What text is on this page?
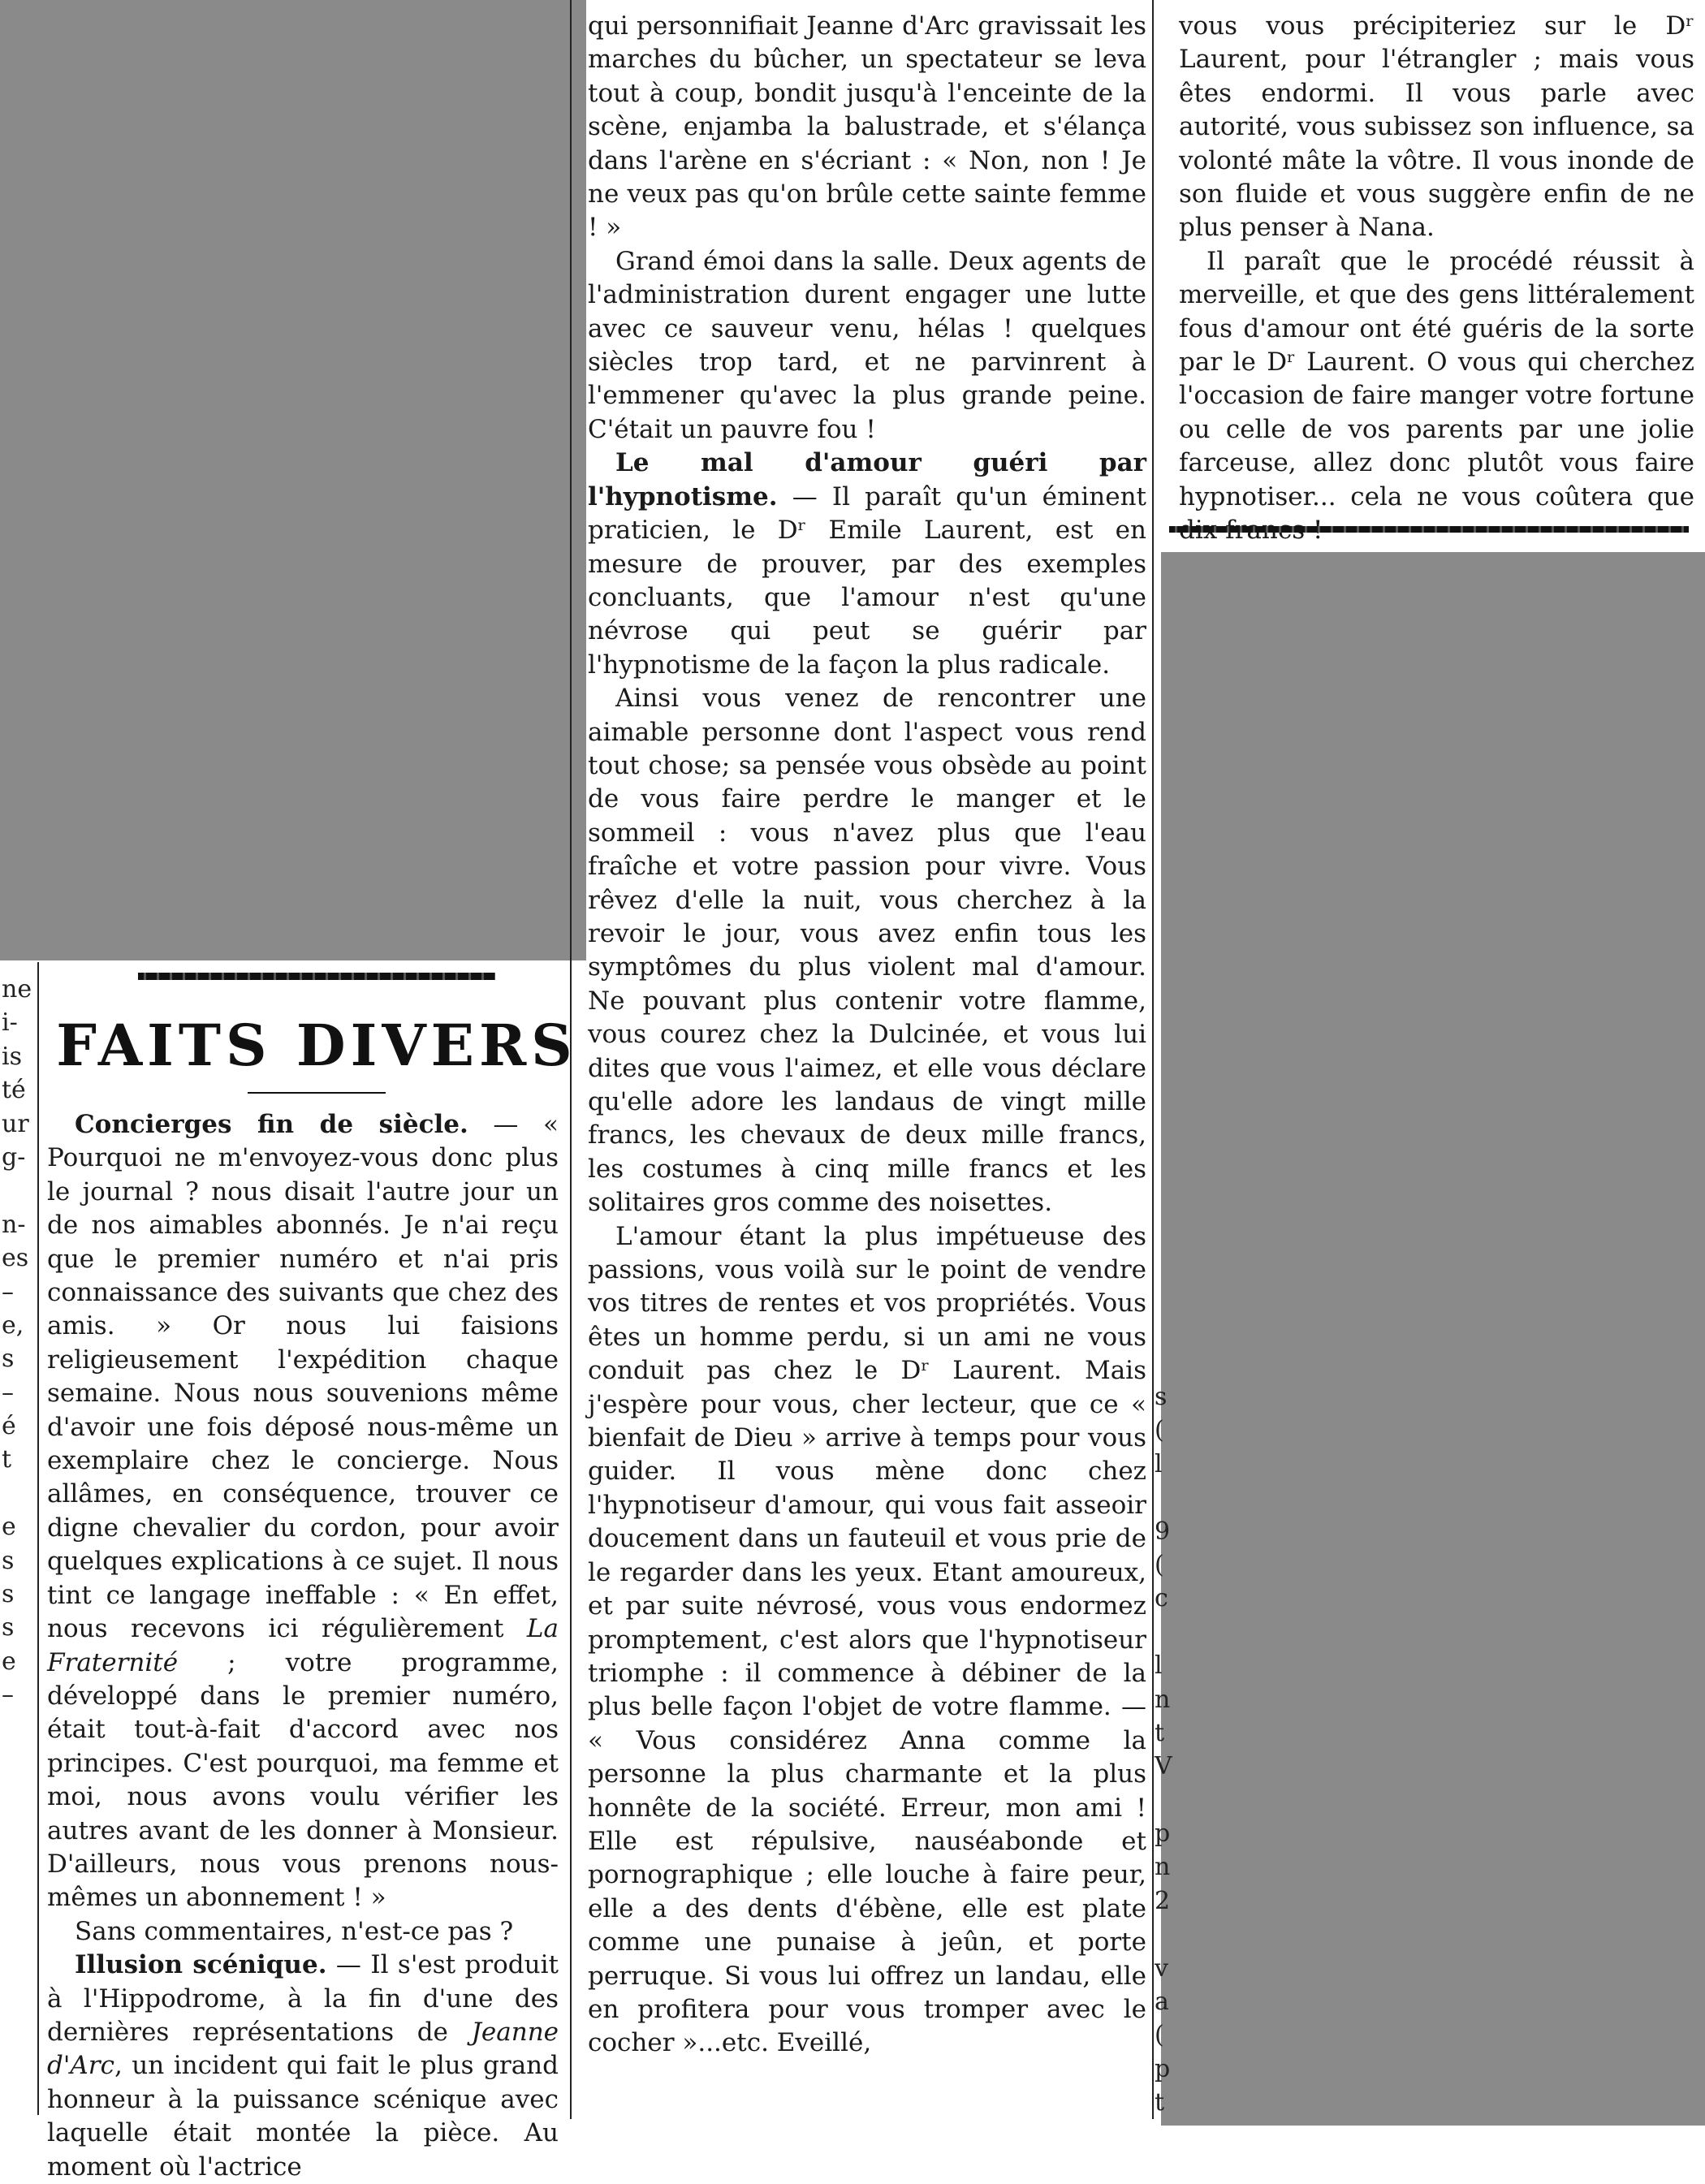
ne
i-
is
té
ur
g-
n-
es
–
e,
s
–
é
t
e
s
s
s
e
–
s
(
l
9
(
c
l
n
t
V
p
n
2
v
a
(
p
t
FAITS DIVERS

Concierges fin de siècle. — « Pourquoi ne m'envoyez-vous donc plus le journal ? nous disait l'autre jour un de nos aimables abonnés. Je n'ai reçu que le premier numéro et n'ai pris connaissance des suivants que chez des amis. » Or nous lui faisions religieusement l'expédition chaque semaine. Nous nous souvenions même d'avoir une fois déposé nous-même un exemplaire chez le concierge. Nous allâmes, en conséquence, trouver ce digne chevalier du cordon, pour avoir quelques explications à ce sujet. Il nous tint ce langage ineffable : « En effet, nous recevons ici régulièrement La Fraternité ; votre programme, développé dans le premier numéro, était tout-à-fait d'accord avec nos principes. C'est pourquoi, ma femme et moi, nous avons voulu vérifier les autres avant de les donner à Monsieur. D'ailleurs, nous vous prenons nous-mêmes un abonnement ! »

Sans commentaires, n'est-ce pas ?

Illusion scénique. — Il s'est produit à l'Hippodrome, à la fin d'une des dernières représentations de Jeanne d'Arc, un incident qui fait le plus grand honneur à la puissance scénique avec laquelle était montée la pièce. Au moment où l'actrice

qui personnifiait Jeanne d'Arc gravissait les marches du bûcher, un spectateur se leva tout à coup, bondit jusqu'à l'enceinte de la scène, enjamba la balustrade, et s'élança dans l'arène en s'écriant : « Non, non ! Je ne veux pas qu'on brûle cette sainte femme ! »

Grand émoi dans la salle. Deux agents de l'administration durent engager une lutte avec ce sauveur venu, hélas ! quelques siècles trop tard, et ne parvinrent à l'emmener qu'avec la plus grande peine. C'était un pauvre fou !

Le mal d'amour guéri par l'hypnotisme. — Il paraît qu'un éminent praticien, le Dʳ Emile Laurent, est en mesure de prouver, par des exemples concluants, que l'amour n'est qu'une névrose qui peut se guérir par l'hypnotisme de la façon la plus radicale.

Ainsi vous venez de rencontrer une aimable personne dont l'aspect vous rend tout chose; sa pensée vous obsède au point de vous faire perdre le manger et le sommeil : vous n'avez plus que l'eau fraîche et votre passion pour vivre. Vous rêvez d'elle la nuit, vous cherchez à la revoir le jour, vous avez enfin tous les symptômes du plus violent mal d'amour. Ne pouvant plus contenir votre flamme, vous courez chez la Dulcinée, et vous lui dites que vous l'aimez, et elle vous déclare qu'elle adore les landaus de vingt mille francs, les chevaux de deux mille francs, les costumes à cinq mille francs et les solitaires gros comme des noisettes.

L'amour étant la plus impétueuse des passions, vous voilà sur le point de vendre vos titres de rentes et vos propriétés. Vous êtes un homme perdu, si un ami ne vous conduit pas chez le Dʳ Laurent. Mais j'espère pour vous, cher lecteur, que ce « bienfait de Dieu » arrive à temps pour vous guider. Il vous mène donc chez l'hypnotiseur d'amour, qui vous fait asseoir doucement dans un fauteuil et vous prie de le regarder dans les yeux. Etant amoureux, et par suite névrosé, vous vous endormez promptement, c'est alors que l'hypnotiseur triomphe : il commence à débiner de la plus belle façon l'objet de votre flamme. — « Vous considérez Anna comme la personne la plus charmante et la plus honnête de la société. Erreur, mon ami ! Elle est répulsive, nauséabonde et pornographique ; elle louche à faire peur, elle a des dents d'ébène, elle est plate comme une punaise à jeûn, et porte perruque. Si vous lui offrez un landau, elle en profitera pour vous tromper avec le cocher »...etc. Eveillé,

vous vous précipiteriez sur le Dʳ Laurent, pour l'étrangler ; mais vous êtes endormi. Il vous parle avec autorité, vous subissez son influence, sa volonté mâte la vôtre. Il vous inonde de son fluide et vous suggère enfin de ne plus penser à Nana.

Il paraît que le procédé réussit à merveille, et que des gens littéralement fous d'amour ont été guéris de la sorte par le Dʳ Laurent. O vous qui cherchez l'occasion de faire manger votre fortune ou celle de vos parents par une jolie farceuse, allez donc plutôt vous faire hypnotiser... cela ne vous coûtera que
